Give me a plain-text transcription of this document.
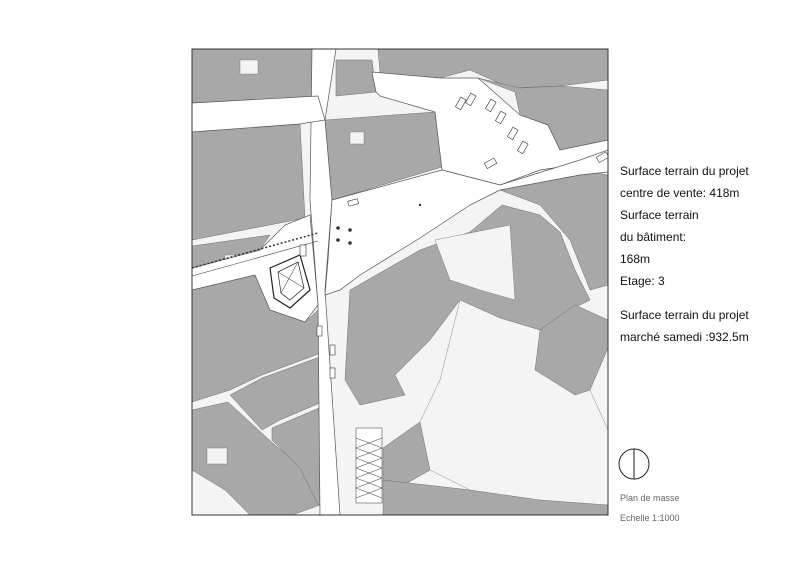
Surface terrain du projet
centre de vente: 418m
Surface terrain
du bâtiment:
168m
Etage: 3
Surface terrain du projet
marché samedi :932.5m
Plan de masse
Echelle 1:1000
